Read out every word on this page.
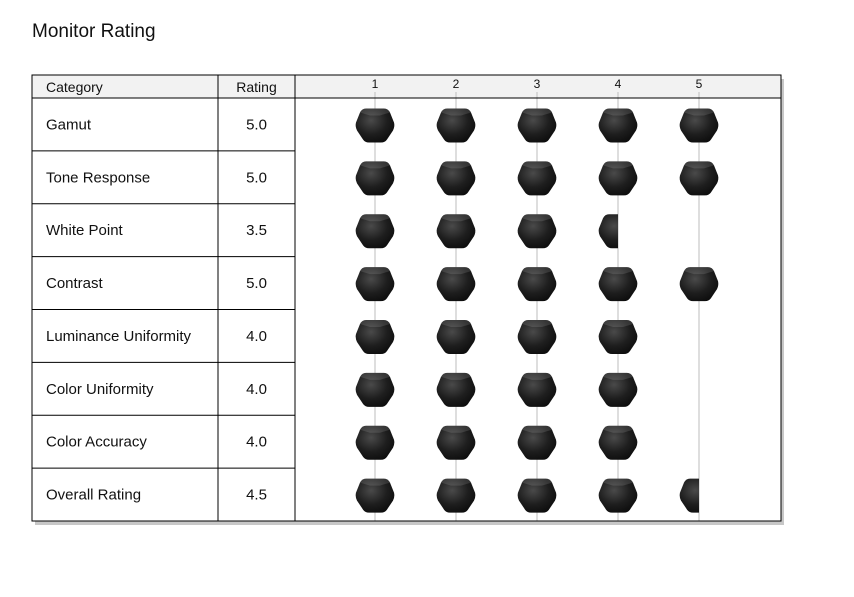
Monitor Rating
Category	Rating	1	2	3	4	5
Gamut	5.0
Tone Response	5.0
White Point	3.5
Contrast	5.0
Luminance Uniformity	4.0
Color Uniformity	4.0
Color Accuracy	4.0
Overall Rating	4.5
